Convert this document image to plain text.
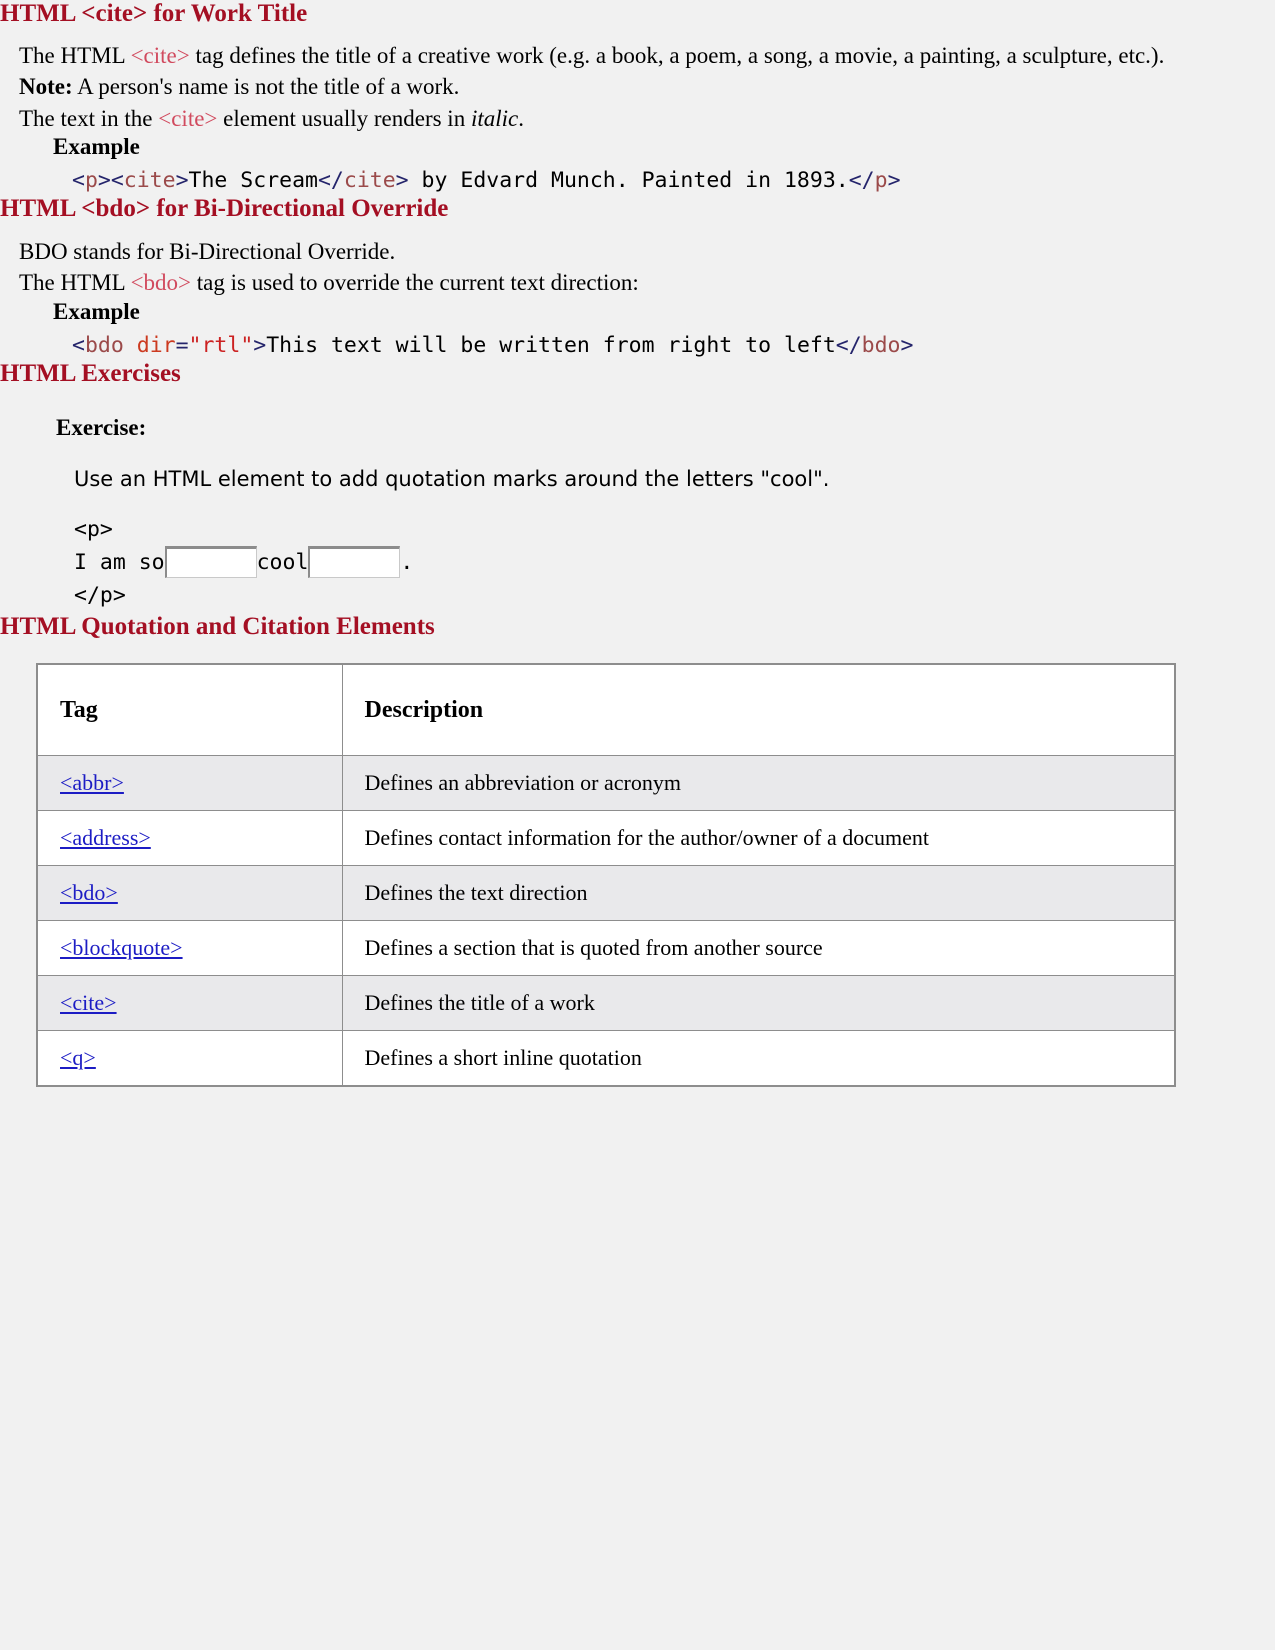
HTML <cite> for Work Title

The HTML <cite> tag defines the title of a creative work (e.g. a book, a poem, a song, a movie, a painting, a sculpture, etc.).

Note: A person's name is not the title of a work.

The text in the <cite> element usually renders in italic.

Example
<p><cite>The Scream</cite> by Edvard Munch. Painted in 1893.</p>
HTML <bdo> for Bi-Directional Override

BDO stands for Bi-Directional Override.

The HTML <bdo> tag is used to override the current text direction:

Example
<bdo dir="rtl">This text will be written from right to left</bdo>
HTML Exercises

Exercise:

Use an HTML element to add quotation marks around the letters "cool".

<p>
I am so	cool	.
</p>
HTML Quotation and Citation Elements
Tag	Description
<abbr>	Defines an abbreviation or acronym
<address>	Defines contact information for the author/owner of a document
<bdo>	Defines the text direction
<blockquote>	Defines a section that is quoted from another source
<cite>	Defines the title of a work
<q>	Defines a short inline quotation
